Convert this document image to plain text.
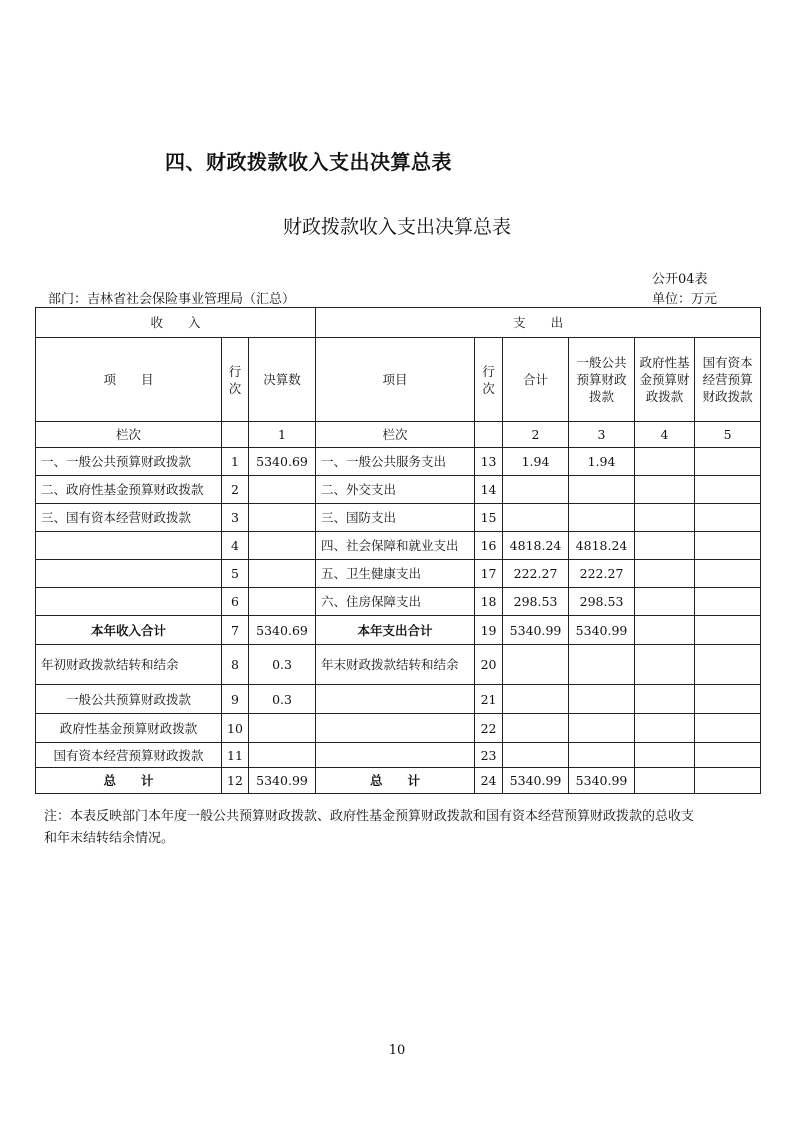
四、财政拨款收入支出决算总表
财政拨款收入支出决算总表
公开04表
部门：吉林省社会保险事业管理局（汇总）	单位：万元
收　　入			支　　出					
项　　目	行次	决算数	项目	行次	合计	一般公共预算财政拨款	政府性基金预算财政拨款	国有资本经营预算财政拨款
栏次		1	栏次		2	3	4	5
一、一般公共预算财政拨款	1	5340.69	一、一般公共服务支出	13	1.94	1.94		
二、政府性基金预算财政拨款	2		二、外交支出	14				
三、国有资本经营财政拨款	3		三、国防支出	15				
	4		四、社会保障和就业支出	16	4818.24	4818.24		
	5		五、卫生健康支出	17	222.27	222.27		
	6		六、住房保障支出	18	298.53	298.53		
本年收入合计	7	5340.69	本年支出合计	19	5340.99	5340.99		
年初财政拨款结转和结余	8	0.3	年末财政拨款结转和结余	20				
一般公共预算财政拨款	9	0.3		21				
政府性基金预算财政拨款	10			22				
国有资本经营预算财政拨款	11			23				
总　　计	12	5340.99	总　　计	24	5340.99	5340.99		
注：本表反映部门本年度一般公共预算财政拨款、政府性基金预算财政拨款和国有资本经营预算财政拨款的总收支和年末结转结余情况。
10
